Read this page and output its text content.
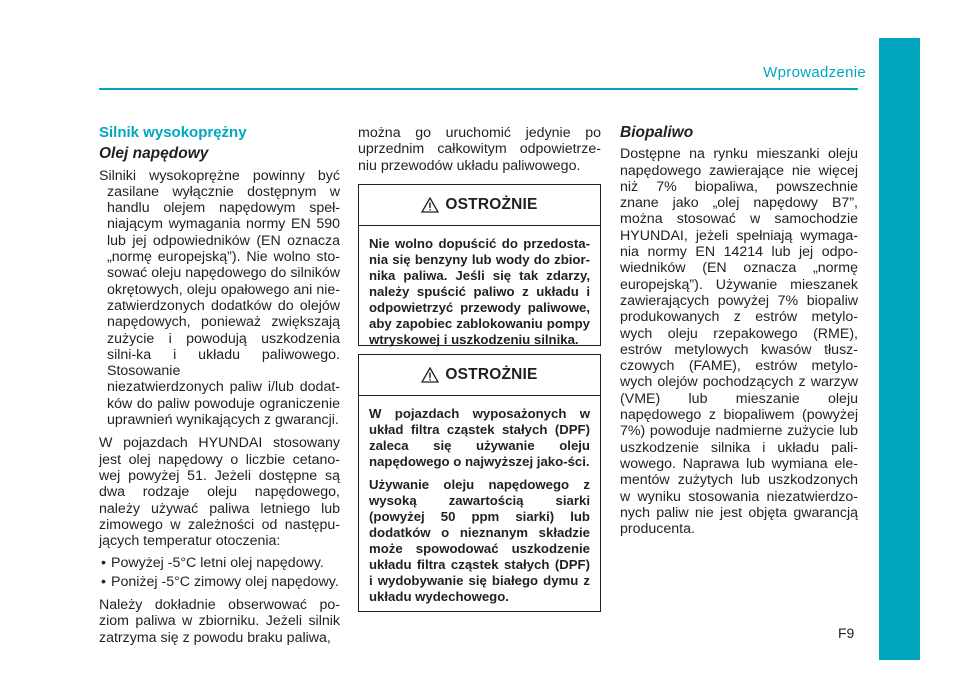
Wprowadzenie
Silnik wysokoprężny
Olej napędowy

Silniki wysokoprężne powinny być zasilane wyłącznie dostępnym w handlu olejem napędowym speł-niającym wymagania normy EN 590 lub jej odpowiedników (EN oznacza „normę europejską”). Nie wolno sto-sować oleju napędowego do silników okrętowych, oleju opałowego ani nie-zatwierdzonych dodatków do olejów napędowych, ponieważ zwiększają zużycie i powodują uszkodzenia silni-ka i układu paliwowego. Stosowanie

niezatwierdzonych paliw i/lub dodat-ków do paliw powoduje ograniczenie uprawnień wynikających z gwarancji.

W pojazdach HYUNDAI stosowany jest olej napędowy o liczbie cetano-wej powyżej 51. Jeżeli dostępne są dwa rodzaje oleju napędowego, należy używać paliwa letniego lub zimowego w zależności od następu-jących temperatur otoczenia:

• Powyżej -5°C letni olej napędowy.
• Poniżej -5°C zimowy olej napędowy.

Należy dokładnie obserwować po-ziom paliwa w zbiorniku. Jeżeli silnik zatrzyma się z powodu braku paliwa,

można go uruchomić jedynie po uprzednim całkowitym odpowietrze-niu przewodów układu paliwowego.

OSTROŻNIE

Nie wolno dopuścić do przedosta-nia się benzyny lub wody do zbior-nika paliwa. Jeśli się tak zdarzy, należy spuścić paliwo z układu i odpowietrzyć przewody paliwowe, aby zapobiec zablokowaniu pompy wtryskowej i uszkodzeniu silnika.

OSTROŻNIE

W pojazdach wyposażonych w układ filtra cząstek stałych (DPF) zaleca się używanie oleju napędowego o najwyższej jako-ści.

Używanie oleju napędowego z wysoką zawartością siarki (powyżej 50 ppm siarki) lub dodatków o nieznanym składzie może spowodować uszkodzenie układu filtra cząstek stałych (DPF) i wydobywanie się białego dymu z układu wydechowego.

Biopaliwo

Dostępne na rynku mieszanki oleju napędowego zawierające nie więcej niż 7% biopaliwa, powszechnie znane jako „olej napędowy B7”, można stosować w samochodzie HYUNDAI, jeżeli spełniają wymaga-nia normy EN 14214 lub jej odpo-wiedników (EN oznacza „normę europejską”). Używanie mieszanek zawierających powyżej 7% biopaliw produkowanych z estrów metylo-wych oleju rzepakowego (RME), estrów metylowych kwasów tłusz-czowych (FAME), estrów metylo-wych olejów pochodzących z warzyw (VME) lub mieszanie oleju napędowego z biopaliwem (powyżej 7%) powoduje nadmierne zużycie lub uszkodzenie silnika i układu pali-wowego. Naprawa lub wymiana ele-mentów zużytych lub uszkodzonych w wyniku stosowania niezatwierdzo-nych paliw nie jest objęta gwarancją producenta.

F9
